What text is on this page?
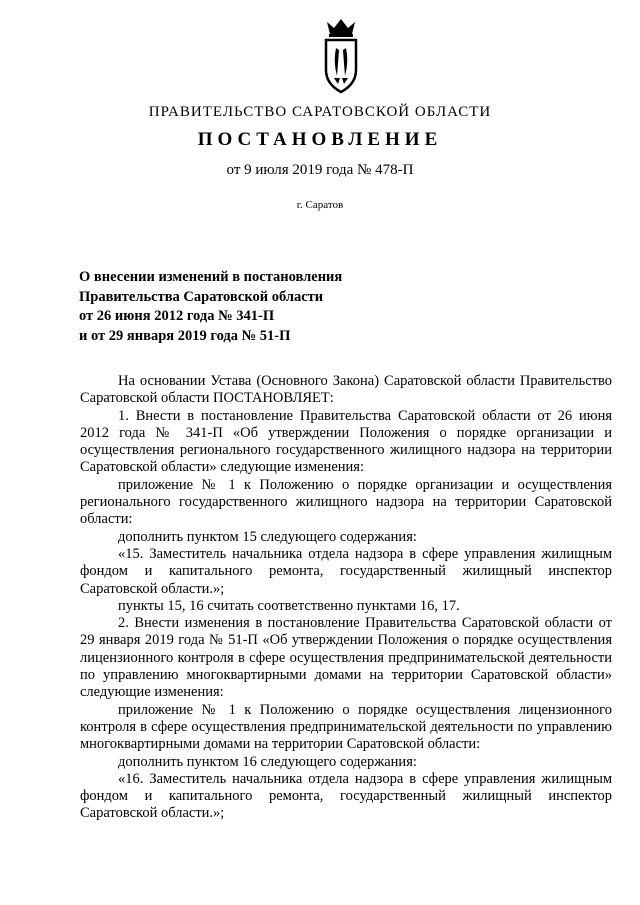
ПРАВИТЕЛЬСТВО САРАТОВСКОЙ ОБЛАСТИ
ПОСТАНОВЛЕНИЕ
от 9 июля 2019 года № 478-П
г. Саратов
О внесении изменений в постановления
Правительства Саратовской области
от 26 июня 2012 года № 341-П
и от 29 января 2019 года № 51-П

На основании Устава (Основного Закона) Саратовской области Правительство Саратовской области ПОСТАНОВЛЯЕТ:

1. Внести в постановление Правительства Саратовской области от 26 июня 2012 года № 341-П «Об утверждении Положения о порядке организации и осуществления регионального государственного жилищного надзора на территории Саратовской области» следующие изменения:

приложение № 1 к Положению о порядке организации и осуществления регионального государственного жилищного надзора на территории Саратовской области:

дополнить пунктом 15 следующего содержания:

«15. Заместитель начальника отдела надзора в сфере управления жилищным фондом и капитального ремонта, государственный жилищный инспектор Саратовской области.»;

пункты 15, 16 считать соответственно пунктами 16, 17.

2. Внести изменения в постановление Правительства Саратовской области от 29 января 2019 года № 51-П «Об утверждении Положения о порядке осуществления лицензионного контроля в сфере осуществления предпринимательской деятельности по управлению многоквартирными домами на территории Саратовской области» следующие изменения:

приложение № 1 к Положению о порядке осуществления лицензионного контроля в сфере осуществления предпринимательской деятельности по управлению многоквартирными домами на территории Саратовской области:

дополнить пунктом 16 следующего содержания:

«16. Заместитель начальника отдела надзора в сфере управления жилищным фондом и капитального ремонта, государственный жилищный инспектор Саратовской области.»;
